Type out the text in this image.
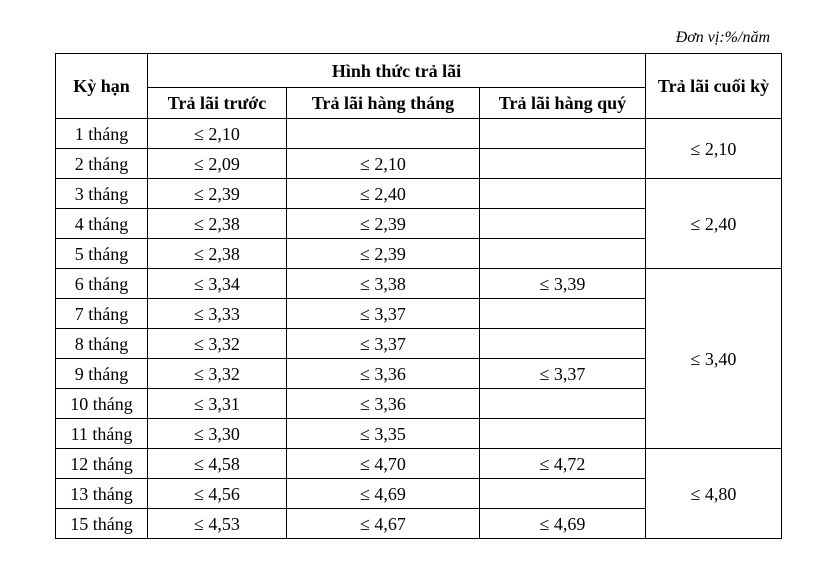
Đơn vị:%/năm
Kỳ hạn	Hình thức trả lãi			Trả lãi cuối kỳ
	Trả lãi trước	Trả lãi hàng tháng	Trả lãi hàng quý	
1 tháng	≤ 2,10			≤ 2,10
2 tháng	≤ 2,09	≤ 2,10		
3 tháng	≤ 2,39	≤ 2,40		≤ 2,40
4 tháng	≤ 2,38	≤ 2,39		
5 tháng	≤ 2,38	≤ 2,39		
6 tháng	≤ 3,34	≤ 3,38	≤ 3,39	≤ 3,40
7 tháng	≤ 3,33	≤ 3,37		
8 tháng	≤ 3,32	≤ 3,37		
9 tháng	≤ 3,32	≤ 3,36	≤ 3,37	
10 tháng	≤ 3,31	≤ 3,36		
11 tháng	≤ 3,30	≤ 3,35		
12 tháng	≤ 4,58	≤ 4,70	≤ 4,72	≤ 4,80
13 tháng	≤ 4,56	≤ 4,69		
15 tháng	≤ 4,53	≤ 4,67	≤ 4,69	
